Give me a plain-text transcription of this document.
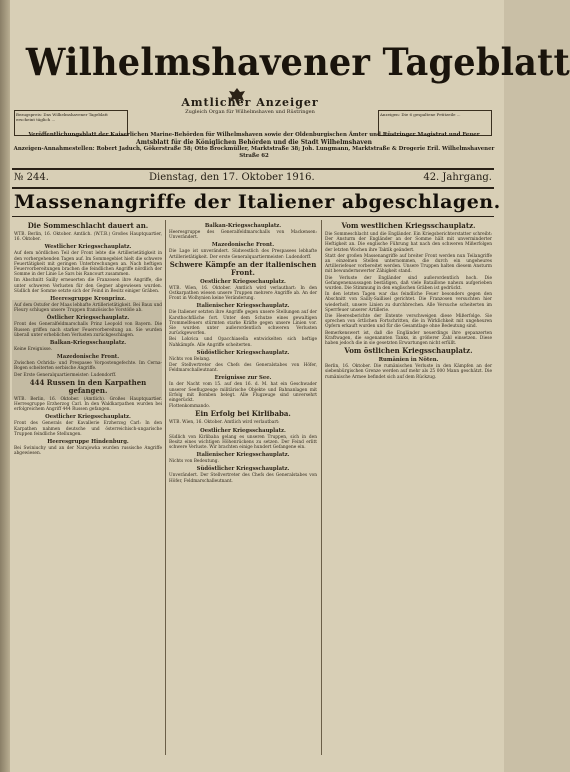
Wilhelmshavener Tageblatt
Bezugspreis: Das Wilhelmshavener Tageblatt erscheint täglich ...
Anzeigen: Die 6 gespaltene Petitzeile ...
Amtlicher Anzeiger
Zugleich Organ für Wilhelmshaven und Rüstringen
Veröffentlichungsblatt der Kaiserlichen Marine-Behörden für Wilhelmshaven sowie der Oldenburgischen Ämter und Rüstringer Magistrat und Feuer
Amtsblatt für die Königlichen Behörden und die Stadt Wilhelmshaven
Anzeigen-Annahmestellen: Robert Jaduch, Gökerstraße 58; Otto Brockmüller, Marktstraße 38; Joh. Lungmann, Marktstraße & Drogerie Eril. Wilhelmshavener Straße 62
№ 244.	Dienstag, den 17. Oktober 1916.	42. Jahrgang.
Massenangriffe der Italiener abgeschlagen.
Die Sommeschlacht dauert an.

WTB. Berlin, 16. Oktober. Amtlich. (W.T.B.) Großes Hauptquartier, 16. Oktober.

Westlicher Kriegsschauplatz.

Auf dem nördlichen Teil der Front lebte die Artillerietätigkeit in den vorhergehenden Tagen auf. Im Sommegebiet hielt die schwere Feuertätigkeit mit geringen Unterbrechungen an. Nach heftigen Feuervorbereitungen brachen die feindlichen Angriffe nördlich der Somme in der Linie Le Sars bis Rancourt zusammen.

Im Abschnitt Sailly erneuerten die Franzosen ihre Angriffe, die unter schweren Verlusten für den Gegner abgewiesen wurden. Südlich der Somme setzte sich der Feind in Besitz einiger Gräben.

Heeresgruppe Kronprinz.

Auf dem Ostufer der Maas lebhafte Artillerietätigkeit. Bei Baux und Fleury schlugen unsere Truppen französische Vorstöße ab.

Östlicher Kriegsschauplatz.

Front des Generalfeldmarschalls Prinz Leopold von Bayern. Die Russen griffen nach starker Feuervorbereitung an. Sie wurden überall unter erheblichen Verlusten zurückgeschlagen.

Balkan-Kriegsschauplatz.

Keine Ereignisse.

Mazedonische Front.

Zwischen Ochrida- und Prespasee Vorpostengefechte. Im Cerna-Bogen scheiterten serbische Angriffe.

Der Erste Generalquartiermeister: Ludendorff.

444 Russen in den Karpathen gefangen.

WTB. Berlin, 16. Oktober. (Amtlich). Großes Hauptquartier. Herresgruppe Erzherzog Carl. In den Waldkarpathen wurden bei erfolgreichem Angriff 444 Russen gefangen.

Oestlicher Kriegsschauplatz.

Front des Generals der Kavallerie Erzherzog Carl: In den Karpathen nahmen deutsche und österreichisch-ungarische Truppen feindliche Stellungen.

Heeresgruppe Hindenburg.

Bei Swiniuchy und an der Narajowka wurden russische Angriffe abgewiesen.

Balkan-Kriegsschauplatz.

Heeresgruppe des Generalfeldmarschalls von Mackensen: Unverändert.

Mazedonische Front.

Die Lage ist unverändert. Südwestlich des Prespasees lebhafte Artillerietätigkeit. Der erste Generalquartiermeister: Ludendorff.

Schwere Kämpfe an der italienischen Front.
Oestlicher Kriegsschauplatz.

WTB. Wien, 16. Oktober. Amtlich wird verlautbart: In den Ostkarpathen wiesen unsere Truppen mehrere Angriffe ab. An der Front in Wolhynien keine Veränderung.

Italienischer Kriegsschauplatz.

Die Italiener setzten ihre Angriffe gegen unsere Stellungen auf der Karsthochfläche fort. Unter dem Schutze eines gewaltigen Trommelfeuers stürmten starke Kräfte gegen unsere Linien vor. Sie wurden unter außerordentlich schweren Verlusten zurückgeworfen.

Bei Lokvica und Opacchiasella entwickelten sich heftige Nahkämpfe. Alle Angriffe scheiterten.

Südöstlicher Kriegsschauplatz.

Nichts von Belang.

Der Stellvertreter des Chefs des Generalstabes von Höfer, Feldmarschalleutnant.

Ereignisse zur See.

In der Nacht vom 15. auf den 16. d. M. hat ein Geschwader unserer Seeflugzeuge militärische Objekte und Bahnanlagen mit Erfolg mit Bomben belegt. Alle Flugzeuge sind unversehrt eingerückt.

Flottenkommando.

Ein Erfolg bei Kirlibaba.

WTB. Wien, 16. Oktober. Amtlich wird verlautbart:

Oestlicher Kriegsschauplatz.

Südlich von Kirlibaba gelang es unseren Truppen, sich in den Besitz eines wichtigen Höhenrückens zu setzen. Der Feind erlitt schwere Verluste. Wir brachten einige hundert Gefangene ein.

Italienischer Kriegsschauplatz.

Nichts von Bedeutung.

Südöstlicher Kriegsschauplatz.

Unverändert. Der Stellvertreter des Chefs des Generalstabes von Höfer, Feldmarschalleutnant.

Vom westlichen Kriegsschauplatz.

Die Sommeschlacht und die Engländer. Ein Kriegsberichterstatter schreibt: Der Ansturm der Engländer an der Somme hält mit unverminderter Heftigkeit an. Die englische Führung hat nach den schweren Mißerfolgen der letzten Wochen ihre Taktik geändert.

Statt der großen Massenangriffe auf breiter Front werden nun Teilangriffe an einzelnen Stellen unternommen, die durch ein ungeheures Artilleriefeuer vorbereitet werden. Unsere Truppen halten diesem Ansturm mit bewundernswerter Zähigkeit stand.

Die Verluste der Engländer sind außerordentlich hoch. Die Gefangenenaussagen bestätigen, daß viele Bataillone nahezu aufgerieben wurden. Die Stimmung in den englischen Gräben ist gedrückt.

In den letzten Tagen war das feindliche Feuer besonders gegen den Abschnitt von Sailly-Saillisel gerichtet. Die Franzosen versuchten hier wiederholt, unsere Linien zu durchbrechen. Alle Versuche scheiterten im Sperrfeuer unserer Artillerie.

Die Heeresberichte der Entente verschweigen diese Mißerfolge. Sie sprechen von örtlichen Fortschritten, die in Wirklichkeit mit ungeheuren Opfern erkauft wurden und für die Gesamtlage ohne Bedeutung sind.

Bemerkenswert ist, daß die Engländer neuerdings ihre gepanzerten Kraftwagen, die sogenannten Tanks, in größerer Zahl einsetzen. Diese haben jedoch die in sie gesetzten Erwartungen nicht erfüllt.

Vom östlichen Kriegsschauplatz.
Rumänien in Nöten.

Berlin, 16. Oktober. Die rumänischen Verluste in den Kämpfen an der siebenbürgischen Grenze werden auf mehr als 25 000 Mann geschätzt. Die rumänische Armee befindet sich auf dem Rückzug.
